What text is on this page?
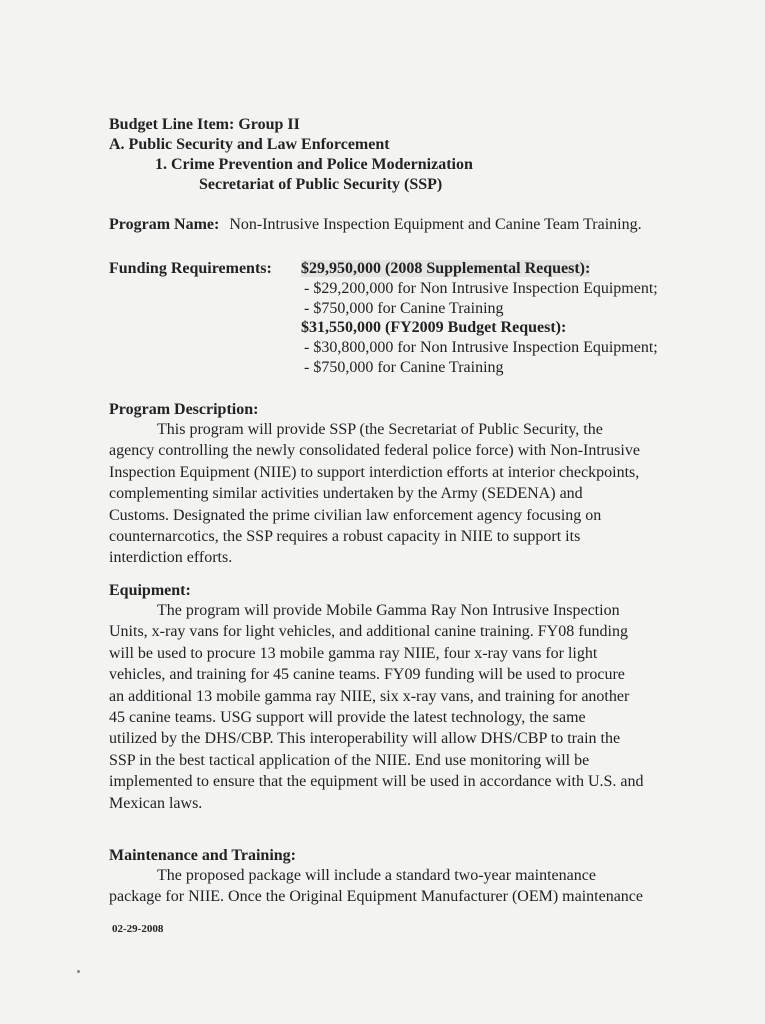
Budget Line Item: Group II
A. Public Security and Law Enforcement
1. Crime Prevention and Police Modernization
Secretariat of Public Security (SSP)
Program Name: Non-Intrusive Inspection Equipment and Canine Team Training.
Funding Requirements: $29,950,000 (2008 Supplemental Request):
- $29,200,000 for Non Intrusive Inspection Equipment;
- $750,000 for Canine Training
$31,550,000 (FY2009 Budget Request):
- $30,800,000 for Non Intrusive Inspection Equipment;
- $750,000 for Canine Training
Program Description:
This program will provide SSP (the Secretariat of Public Security, the
agency controlling the newly consolidated federal police force) with Non-Intrusive
Inspection Equipment (NIIE) to support interdiction efforts at interior checkpoints,
complementing similar activities undertaken by the Army (SEDENA) and
Customs. Designated the prime civilian law enforcement agency focusing on
counternarcotics, the SSP requires a robust capacity in NIIE to support its
interdiction efforts.
Equipment:
The program will provide Mobile Gamma Ray Non Intrusive Inspection
Units, x-ray vans for light vehicles, and additional canine training. FY08 funding
will be used to procure 13 mobile gamma ray NIIE, four x-ray vans for light
vehicles, and training for 45 canine teams. FY09 funding will be used to procure
an additional 13 mobile gamma ray NIIE, six x-ray vans, and training for another
45 canine teams. USG support will provide the latest technology, the same
utilized by the DHS/CBP. This interoperability will allow DHS/CBP to train the
SSP in the best tactical application of the NIIE. End use monitoring will be
implemented to ensure that the equipment will be used in accordance with U.S. and
Mexican laws.
Maintenance and Training:
The proposed package will include a standard two-year maintenance
package for NIIE. Once the Original Equipment Manufacturer (OEM) maintenance
02-29-2008
